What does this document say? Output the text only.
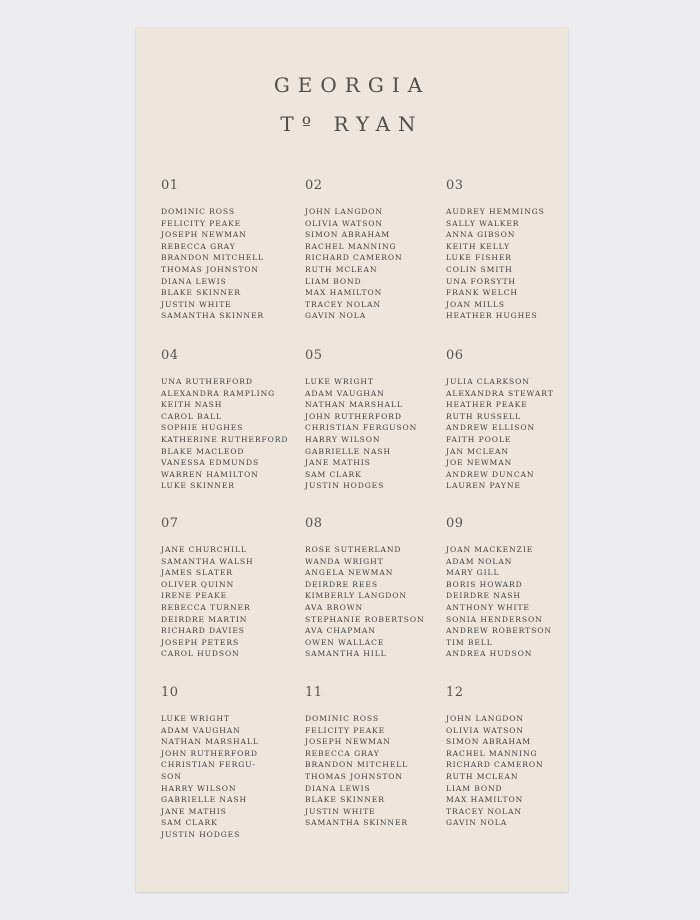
GEORGIA
Tº RYAN
01
DOMINIC ROSS
FELICITY PEAKE
JOSEPH NEWMAN
REBECCA GRAY
BRANDON MITCHELL
THOMAS JOHNSTON
DIANA LEWIS
BLAKE SKINNER
JUSTIN WHITE
SAMANTHA SKINNER
02
JOHN LANGDON
OLIVIA WATSON
SIMON ABRAHAM
RACHEL MANNING
RICHARD CAMERON
RUTH MCLEAN
LIAM BOND
MAX HAMILTON
TRACEY NOLAN
GAVIN NOLA
03
AUDREY HEMMINGS
SALLY WALKER
ANNA GIBSON
KEITH KELLY
LUKE FISHER
COLIN SMITH
UNA FORSYTH
FRANK WELCH
JOAN MILLS
HEATHER HUGHES
04
UNA RUTHERFORD
ALEXANDRA RAMPLING
KEITH NASH
CAROL BALL
SOPHIE HUGHES
KATHERINE RUTHERFORD
BLAKE MACLEOD
VANESSA EDMUNDS
WARREN HAMILTON
LUKE SKINNER
05
LUKE WRIGHT
ADAM VAUGHAN
NATHAN MARSHALL
JOHN RUTHERFORD
CHRISTIAN FERGUSON
HARRY WILSON
GABRIELLE NASH
JANE MATHIS
SAM CLARK
JUSTIN HODGES
06
JULIA CLARKSON
ALEXANDRA STEWART
HEATHER PEAKE
RUTH RUSSELL
ANDREW ELLISON
FAITH POOLE
JAN MCLEAN
JOE NEWMAN
ANDREW DUNCAN
LAUREN PAYNE
07
JANE CHURCHILL
SAMANTHA WALSH
JAMES SLATER
OLIVER QUINN
IRENE PEAKE
REBECCA TURNER
DEIRDRE MARTIN
RICHARD DAVIES
JOSEPH PETERS
CAROL HUDSON
08
ROSE SUTHERLAND
WANDA WRIGHT
ANGELA NEWMAN
DEIRDRE REES
KIMBERLY LANGDON
AVA BROWN
STEPHANIE ROBERTSON
AVA CHAPMAN
OWEN WALLACE
SAMANTHA HILL
09
JOAN MACKENZIE
ADAM NOLAN
MARY GILL
BORIS HOWARD
DEIRDRE NASH
ANTHONY WHITE
SONIA HENDERSON
ANDREW ROBERTSON
TIM BELL
ANDREA HUDSON
10
LUKE WRIGHT
ADAM VAUGHAN
NATHAN MARSHALL
JOHN RUTHERFORD
CHRISTIAN FERGU-
SON
HARRY WILSON
GABRIELLE NASH
JANE MATHIS
SAM CLARK
JUSTIN HODGES
11
DOMINIC ROSS
FELICITY PEAKE
JOSEPH NEWMAN
REBECCA GRAY
BRANDON MITCHELL
THOMAS JOHNSTON
DIANA LEWIS
BLAKE SKINNER
JUSTIN WHITE
SAMANTHA SKINNER
12
JOHN LANGDON
OLIVIA WATSON
SIMON ABRAHAM
RACHEL MANNING
RICHARD CAMERON
RUTH MCLEAN
LIAM BOND
MAX HAMILTON
TRACEY NOLAN
GAVIN NOLA
